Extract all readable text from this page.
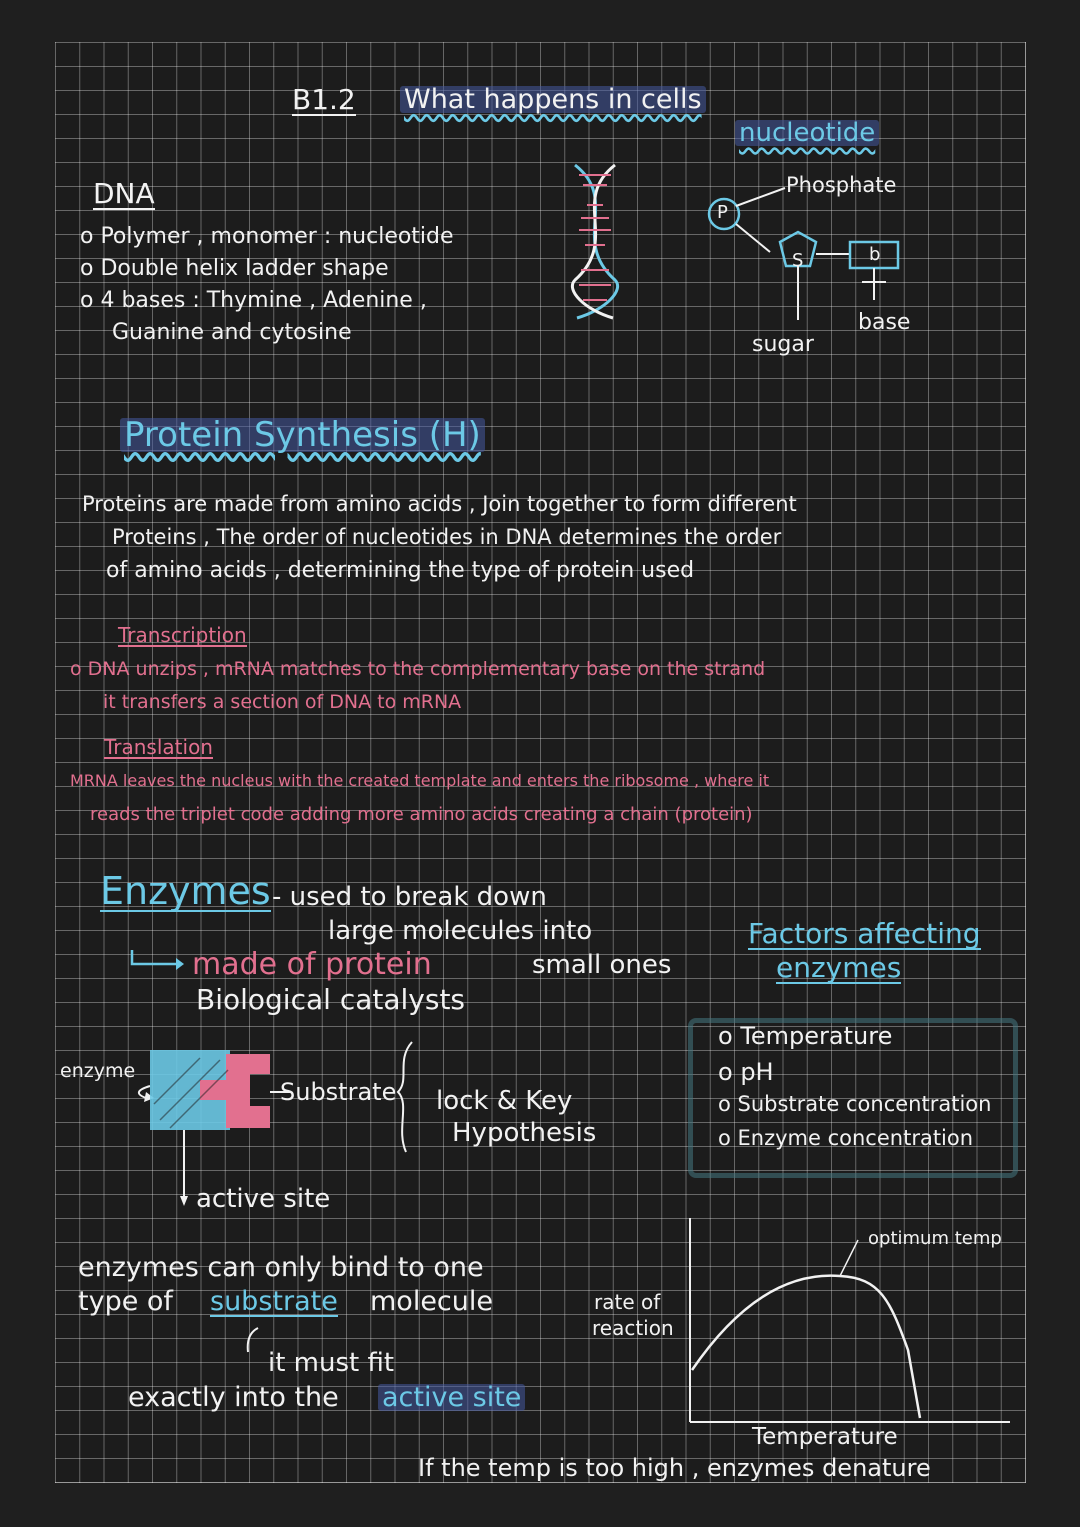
B1.2 What happens in cells
DNA
o Polymer , monomer : nucleotide
o Double helix ladder shape
o 4 bases : Thymine , Adenine ,
Guanine and cytosine
nucleotide
Phosphate
sugar
base
P
S	b
Protein Synthesis (H)
Proteins are made from amino acids , Join together to form different
Proteins , The order of nucleotides in DNA determines the order
of amino acids , determining the type of protein used
Transcription
o DNA unzips , mRNA matches to the complementary base on the strand
it transfers a section of DNA to mRNA
Translation
MRNA leaves the nucleus with the created template and enters the ribosome , where it
reads the triplet code adding more amino acids creating a chain (protein)
Enzymes - used to break down
large molecules into
small ones
made of protein
Biological catalysts
enzyme
Substrate
active site
lock & Key
Hypothesis
enzymes can only bind to one
type of substrate molecule
it must fit
exactly into the active site
Factors affecting
enzymes
o Temperature
o pH
o Substrate concentration
o Enzyme concentration
rate of
reaction
optimum temp
Temperature
If the temp is too high , enzymes denature
